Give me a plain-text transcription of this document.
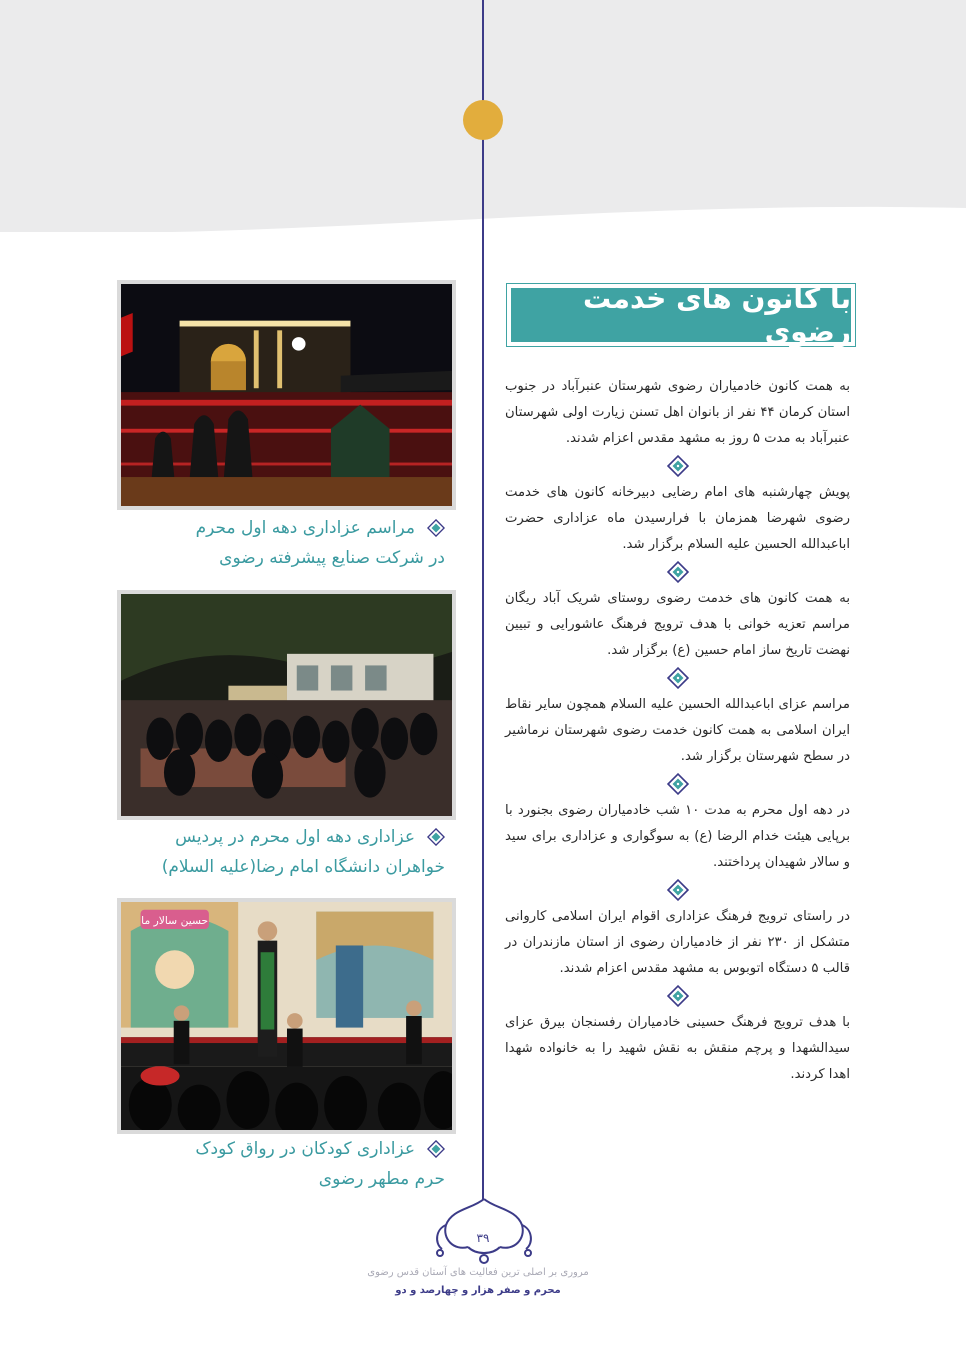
با کانون های خدمت رضوی

به همت کانون خادمیاران رضوی شهرستان عنبرآباد در جنوب استان کرمان ۴۴ نفر از بانوان اهل تسنن زیارت اولی شهرستان عنبرآباد به مدت ۵ روز به مشهد مقدس اعزام شدند.

پویش چهارشنبه های امام رضایی دبیرخانه کانون های خدمت رضوی شهرضا همزمان با فرارسیدن ماه عزاداری حضرت اباعبدالله الحسین علیه السلام برگزار شد.

به همت کانون های خدمت رضوی روستای شریک آباد ریگان مراسم تعزیه خوانی با هدف ترویج فرهنگ عاشورایی و تبیین نهضت تاریخ ساز امام حسین (ع) برگزار شد.

مراسم عزای اباعبدالله الحسین علیه السلام همچون سایر نقاط ایران اسلامی به همت کانون خدمت رضوی شهرستان نرماشیر در سطح شهرستان برگزار شد.

در دهه اول محرم به مدت ۱۰ شب خادمیاران رضوی بجنورد با برپایی هیئت خدام الرضا (ع) به سوگواری و عزاداری برای سید و سالار شهیدان پرداختند.

در راستای ترویج فرهنگ عزاداری اقوام ایران اسلامی کاروانی متشکل از ۲۳۰ نفر از خادمیاران رضوی از استان مازندران در قالب ۵ دستگاه اتوبوس به مشهد مقدس اعزام شدند.

با هدف ترویج فرهنگ حسینی خادمیاران رفسنجان بیرق عزای سیدالشهدا و پرچم منقش به نقش شهید را به خانواده شهدا اهدا کردند.

مراسم عزاداری دهه اول محرم
در شرکت صنایع پیشرفته رضوی
عزاداری دهه اول محرم در پردیس
خواهران دانشگاه امام رضا(علیه السلام)
حسین سالار ما
عزاداری کودکان در رواق کودک
حرم مطهر رضوی
۳۹
مروری بر اصلی ترین فعالیت های آستان قدس رضوی
محرم و صفر هزار و چهارصد و دو
